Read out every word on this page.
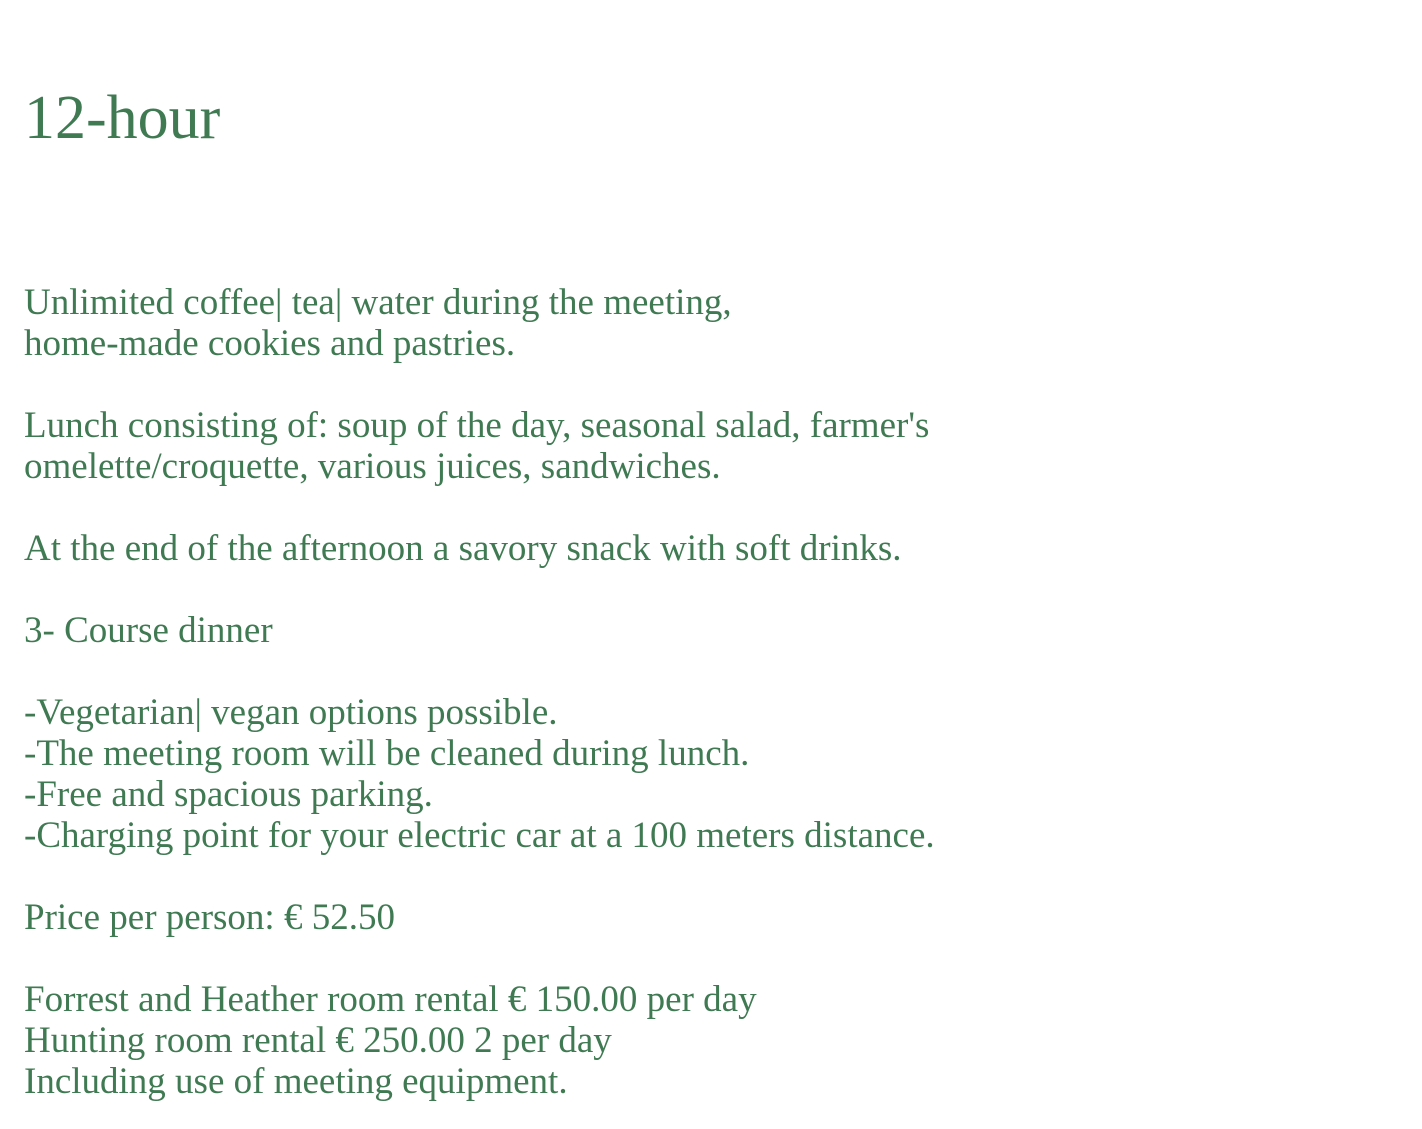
12-hour

Unlimited coffee| tea| water during the meeting,
home-made cookies and pastries.

Lunch consisting of: soup of the day, seasonal salad, farmer's
omelette/croquette, various juices, sandwiches.

At the end of the afternoon a savory snack with soft drinks.

3- Course dinner

-Vegetarian| vegan options possible.
-The meeting room will be cleaned during lunch.
-Free and spacious parking.
-Charging point for your electric car at a 100 meters distance.

Price per person: € 52.50

Forrest and Heather room rental € 150.00 per day
Hunting room rental € 250.00 2 per day
Including use of meeting equipment.
